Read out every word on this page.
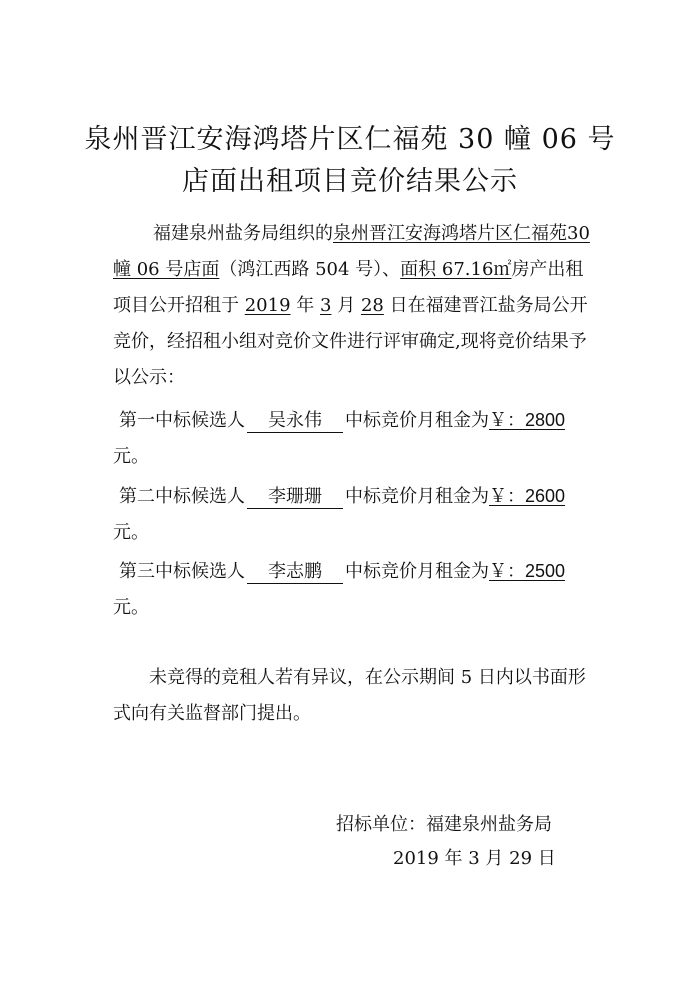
泉州晋江安海鸿塔片区仁福苑 30 幢 06 号
店面出租项目竞价结果公示
福建泉州盐务局组织的泉州晋江安海鸿塔片区仁福苑30 幢 06 号店面（鸿江西路 504 号）、面积 67.16㎡房产出租项目公开招租于 2019 年 3 月 28 日在福建晋江盐务局公开竞价，经招租小组对竞价文件进行评审确定,现将竞价结果予以公示：
第一中标候选人 吴永伟 中标竞价月租金为￥：2800
元。
第二中标候选人 李珊珊 中标竞价月租金为￥：2600
元。
第三中标候选人 李志鹏 中标竞价月租金为￥：2500
元。
未竞得的竞租人若有异议，在公示期间 5 日内以书面形式向有关监督部门提出。
招标单位：福建泉州盐务局
2019 年 3 月 29 日
